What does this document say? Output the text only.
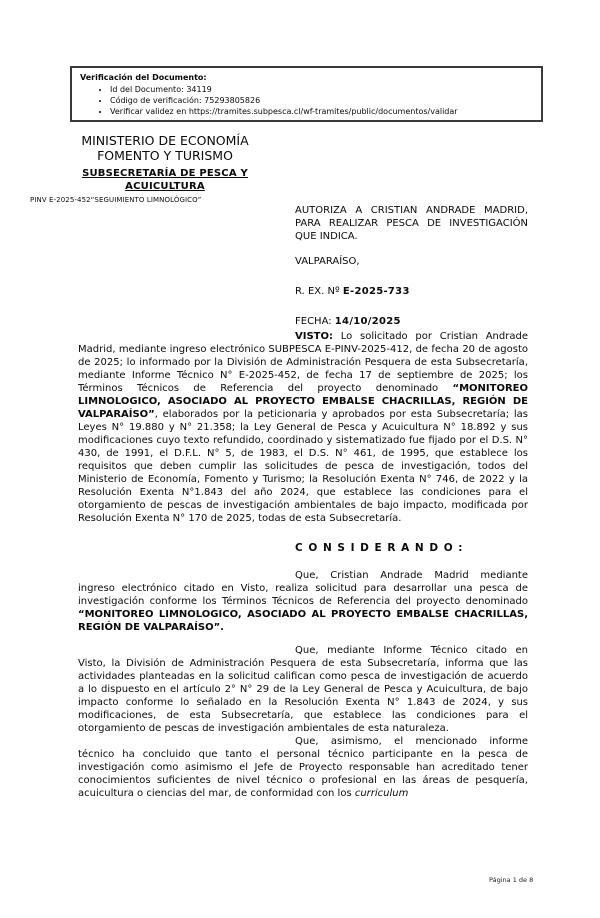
Verificación del Documento:
• Id del Documento: 34119
• Código de verificación: 75293805826
• Verificar validez en https://tramites.subpesca.cl/wf-tramites/public/documentos/validar
MINISTERIO DE ECONOMÍA
FOMENTO Y TURISMO
SUBSECRETARÍA DE PESCA Y
ACUICULTURA
PINV E-2025-452“SEGUIMIENTO LIMNOLÓGICO”
AUTORIZA A CRISTIAN ANDRADE MADRID, PARA REALIZAR PESCA DE INVESTIGACIÓN QUE INDICA.
VALPARAÍSO,
R. EX. Nº E-2025-733
FECHA: 14/10/2025

VISTO: Lo solicitado por Cristian Andrade Madrid, mediante ingreso electrónico SUBPESCA E-PINV-2025-412, de fecha 20 de agosto de 2025; lo informado por la División de Administración Pesquera de esta Subsecretaría, mediante Informe Técnico N° E-2025-452, de fecha 17 de septiembre de 2025; los Términos Técnicos de Referencia del proyecto denominado “MONITOREO LIMNOLOGICO, ASOCIADO AL PROYECTO EMBALSE CHACRILLAS, REGIÓN DE VALPARAÍSO”, elaborados por la peticionaria y aprobados por esta Subsecretaría; las Leyes N° 19.880 y N° 21.358; la Ley General de Pesca y Acuicultura N° 18.892 y sus modificaciones cuyo texto refundido, coordinado y sistematizado fue fijado por el D.S. N° 430, de 1991, el D.F.L. N° 5, de 1983, el D.S. N° 461, de 1995, que establece los requisitos que deben cumplir las solicitudes de pesca de investigación, todos del Ministerio de Economía, Fomento y Turismo; la Resolución Exenta N° 746, de 2022 y la Resolución Exenta N°1.843 del año 2024, que establece las condiciones para el otorgamiento de pescas de investigación ambientales de bajo impacto, modificada por Resolución Exenta N° 170 de 2025, todas de esta Subsecretaría.

C O N S I D E R A N D O :

Que, Cristian Andrade Madrid mediante ingreso electrónico citado en Visto, realiza solicitud para desarrollar una pesca de investigación conforme los Términos Técnicos de Referencia del proyecto denominado “MONITOREO LIMNOLOGICO, ASOCIADO AL PROYECTO EMBALSE CHACRILLAS, REGIÓN DE VALPARAÍSO”.

Que, mediante Informe Técnico citado en Visto, la División de Administración Pesquera de esta Subsecretaría, informa que las actividades planteadas en la solicitud califican como pesca de investigación de acuerdo a lo dispuesto en el artículo 2° N° 29 de la Ley General de Pesca y Acuicultura, de bajo impacto conforme lo señalado en la Resolución Exenta N° 1.843 de 2024, y sus modificaciones, de esta Subsecretaría, que establece las condiciones para el otorgamiento de pescas de investigación ambientales de esta naturaleza.

Que, asimismo, el mencionado informe técnico ha concluido que tanto el personal técnico participante en la pesca de investigación como asimismo el Jefe de Proyecto responsable han acreditado tener conocimientos suficientes de nivel técnico o profesional en las áreas de pesquería, acuicultura o ciencias del mar, de conformidad con los curriculum

Página 1 de 8
